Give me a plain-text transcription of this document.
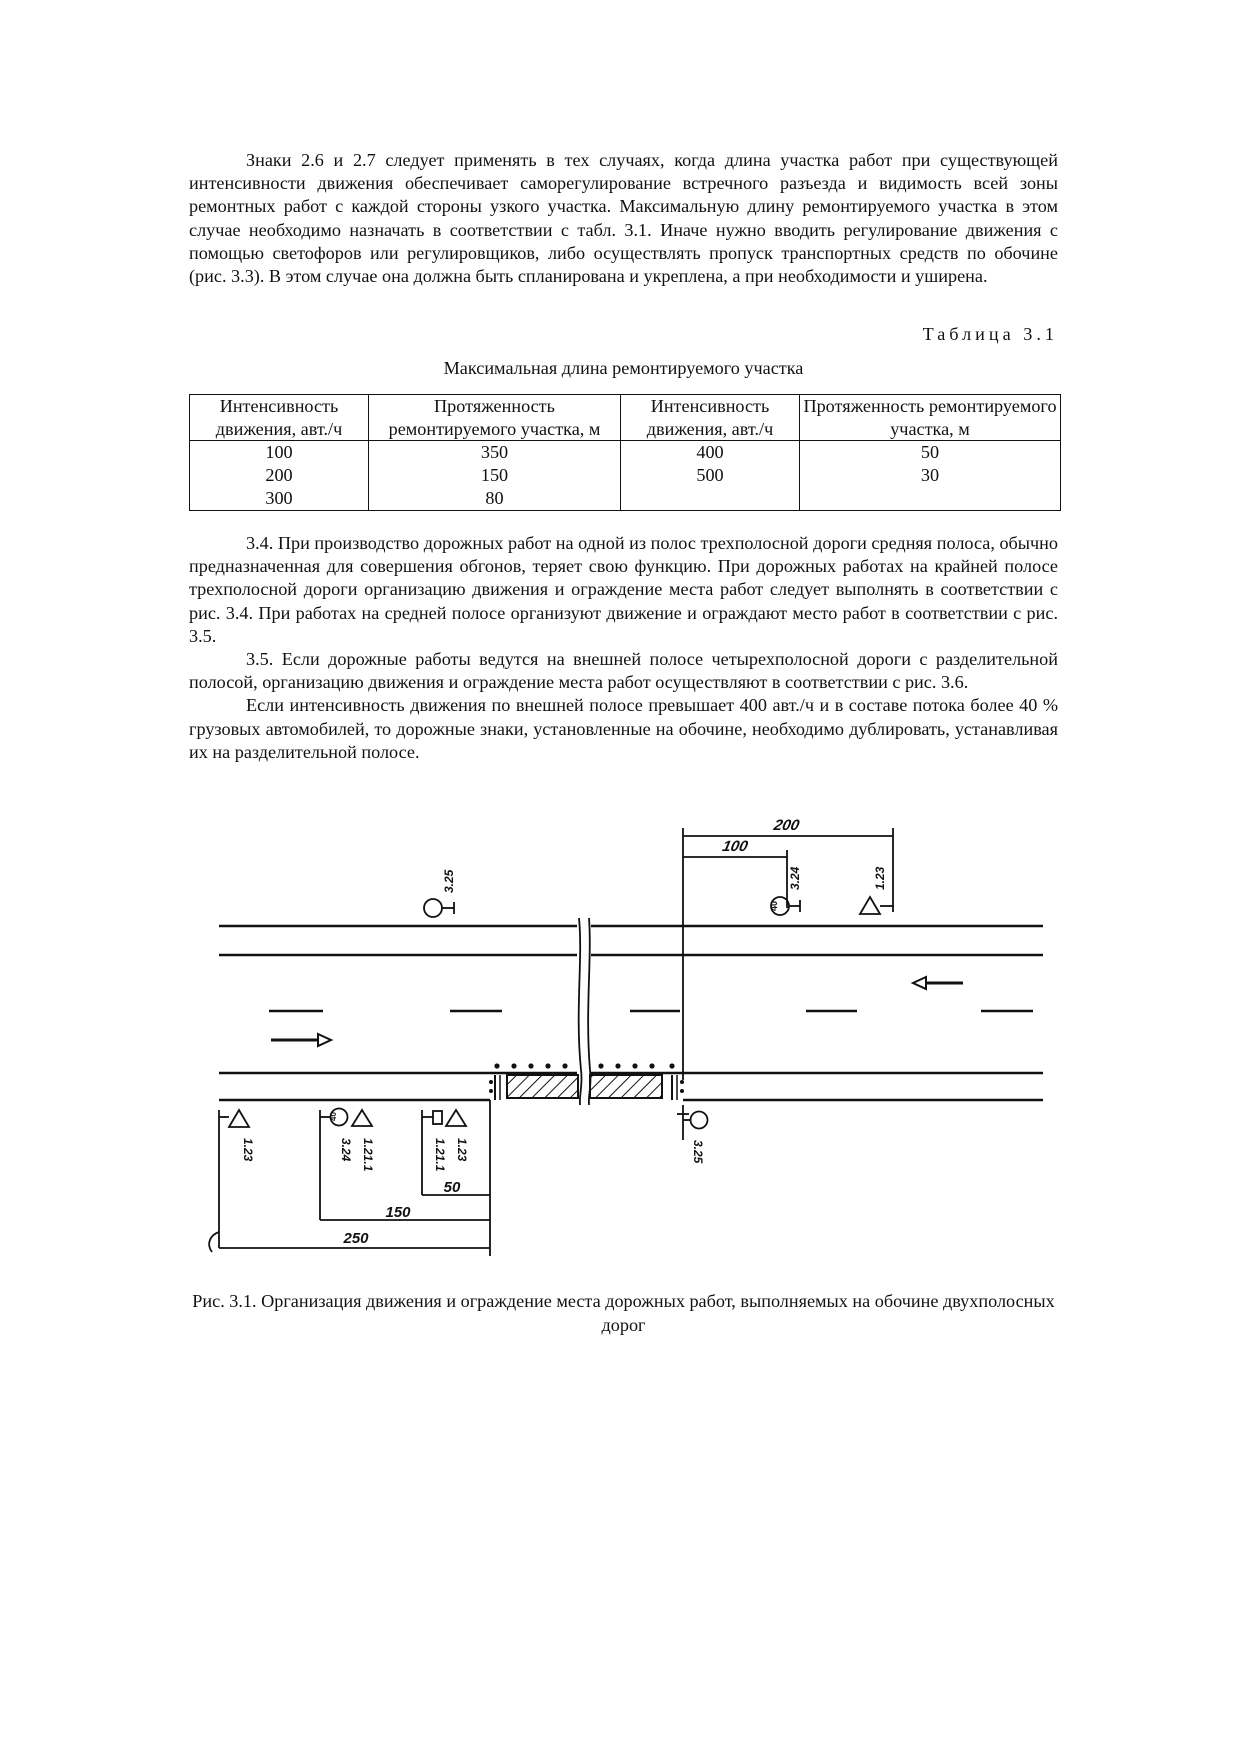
Знаки 2.6 и 2.7 следует применять в тех случаях, когда длина участка работ при существующей интенсивности движения обеспечивает саморегулирование встречного разъезда и видимость всей зоны ремонтных работ с каждой стороны узкого участка. Максимальную длину ремонтируемого участка в этом случае необходимо назначать в соответствии с табл. 3.1. Иначе нужно вводить регулирование движения с помощью светофоров или регулировщиков, либо осуществлять пропуск транспортных средств по обочине (рис. 3.3). В этом случае она должна быть спланирована и укреплена, а при необходимости и уширена.

Таблица 3.1
Максимальная длина ремонтируемого участка
Интенсивность движения, авт./ч	Протяженность ремонтируемого участка, м	Интенсивность движения, авт./ч	Протяженность ремонтируемого участка, м
100	350	400	50
200	150	500	30
300	80		

3.4. При производство дорожных работ на одной из полос трехполосной дороги средняя полоса, обычно предназначенная для совершения обгонов, теряет свою функцию. При дорожных работах на крайней полосе трехполосной дороги организацию движения и ограждение места работ следует выполнять в соответствии с рис. 3.4. При работах на средней полосе организуют движение и ограждают место работ в соответствии с рис. 3.5.

3.5. Если дорожные работы ведутся на внешней полосе четырехполосной дороги с разделительной полосой, организацию движения и ограждение места работ осуществляют в соответствии с рис. 3.6.

Если интенсивность движения по внешней полосе превышает 400 авт./ч и в составе потока более 40 % грузовых автомобилей, то дорожные знаки, установленные на обочине, необходимо дублировать, устанавливая их на разделительной полосе.

200
100
3.25
40
3.24	1.23
1.23
40
3.24 1.21.1	1.21.1 1.23	3.25
50
150
250
Рис. 3.1. Организация движения и ограждение места дорожных работ, выполняемых на обочине двухполосных дорог
